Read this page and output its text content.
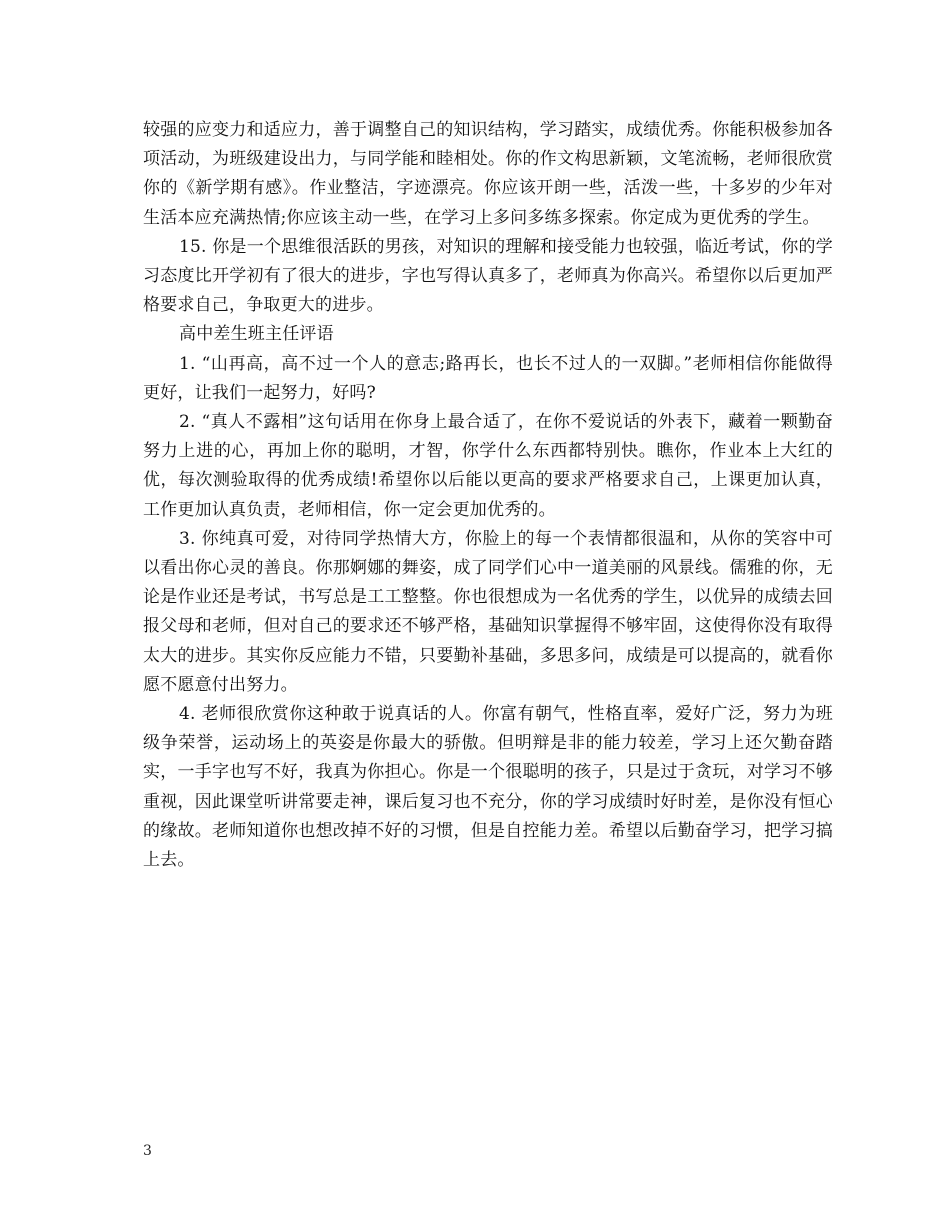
较强的应变力和适应力，善于调整自己的知识结构，学习踏实，成绩优秀。你能积极参加各项活动，为班级建设出力，与同学能和睦相处。你的作文构思新颖，文笔流畅，老师很欣赏你的《新学期有感》。作业整洁，字迹漂亮。你应该开朗一些，活泼一些，十多岁的少年对生活本应充满热情;你应该主动一些，在学习上多问多练多探索。你定成为更优秀的学生。

15. 你是一个思维很活跃的男孩，对知识的理解和接受能力也较强，临近考试，你的学习态度比开学初有了很大的进步，字也写得认真多了，老师真为你高兴。希望你以后更加严格要求自己，争取更大的进步。

高中差生班主任评语

1. “山再高，高不过一个人的意志;路再长，也长不过人的一双脚。”老师相信你能做得更好，让我们一起努力，好吗?

2. “真人不露相”这句话用在你身上最合适了，在你不爱说话的外表下，藏着一颗勤奋努力上进的心，再加上你的聪明，才智，你学什么东西都特别快。瞧你，作业本上大红的优，每次测验取得的优秀成绩!希望你以后能以更高的要求严格要求自己，上课更加认真，工作更加认真负责，老师相信，你一定会更加优秀的。

3. 你纯真可爱，对待同学热情大方，你脸上的每一个表情都很温和，从你的笑容中可以看出你心灵的善良。你那婀娜的舞姿，成了同学们心中一道美丽的风景线。儒雅的你，无论是作业还是考试，书写总是工工整整。你也很想成为一名优秀的学生，以优异的成绩去回报父母和老师，但对自己的要求还不够严格，基础知识掌握得不够牢固，这使得你没有取得太大的进步。其实你反应能力不错，只要勤补基础，多思多问，成绩是可以提高的，就看你愿不愿意付出努力。

4. 老师很欣赏你这种敢于说真话的人。你富有朝气，性格直率，爱好广泛，努力为班级争荣誉，运动场上的英姿是你最大的骄傲。但明辩是非的能力较差，学习上还欠勤奋踏实，一手字也写不好，我真为你担心。你是一个很聪明的孩子，只是过于贪玩，对学习不够重视，因此课堂听讲常要走神，课后复习也不充分，你的学习成绩时好时差，是你没有恒心的缘故。老师知道你也想改掉不好的习惯，但是自控能力差。希望以后勤奋学习，把学习搞上去。

3
